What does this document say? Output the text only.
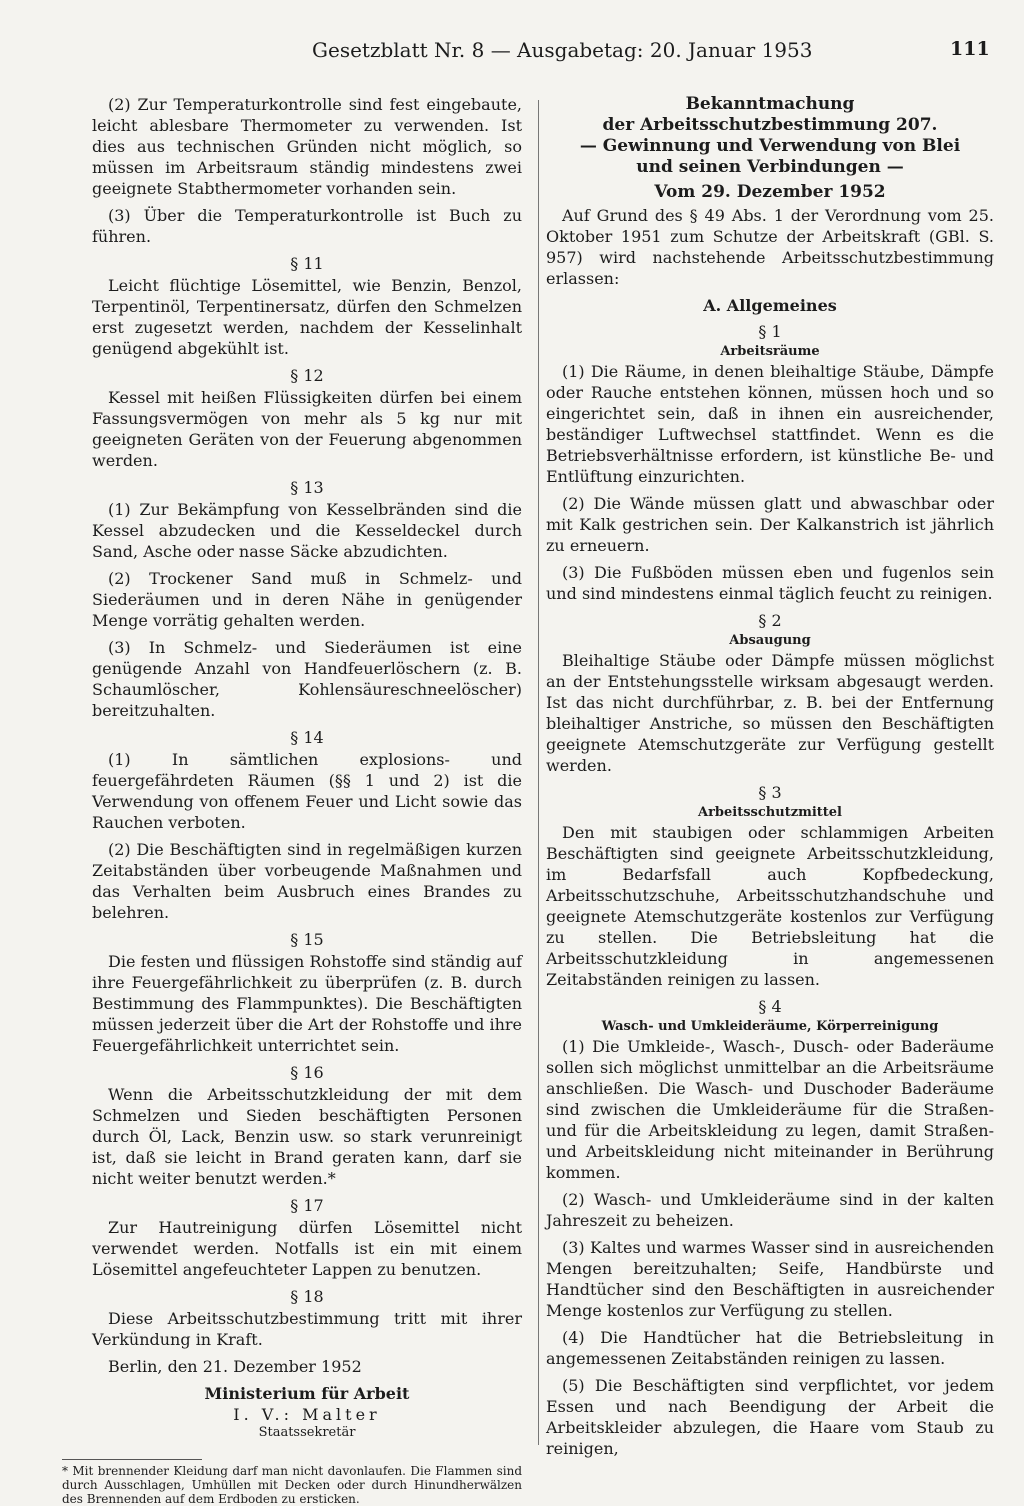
Gesetzblatt Nr. 8 — Ausgabetag: 20. Januar 1953	111

(2) Zur Temperaturkontrolle sind fest eingebaute, leicht ablesbare Thermometer zu verwenden. Ist dies aus technischen Gründen nicht möglich, so müssen im Arbeitsraum ständig mindestens zwei geeignete Stabthermometer vorhanden sein.

(3) Über die Temperaturkontrolle ist Buch zu führen.

§ 11

Leicht flüchtige Lösemittel, wie Benzin, Benzol, Terpentinöl, Terpentinersatz, dürfen den Schmelzen erst zugesetzt werden, nachdem der Kesselinhalt genügend abgekühlt ist.

§ 12

Kessel mit heißen Flüssigkeiten dürfen bei einem Fassungsvermögen von mehr als 5 kg nur mit geeigneten Geräten von der Feuerung abgenommen werden.

§ 13

(1) Zur Bekämpfung von Kesselbränden sind die Kessel abzudecken und die Kesseldeckel durch Sand, Asche oder nasse Säcke abzudichten.

(2) Trockener Sand muß in Schmelz- und Siederäumen und in deren Nähe in genügender Menge vorrätig gehalten werden.

(3) In Schmelz- und Siederäumen ist eine genügende Anzahl von Handfeuerlöschern (z. B. Schaumlöscher, Kohlensäureschneelöscher) bereitzuhalten.

§ 14

(1) In sämtlichen explosions- und feuergefährdeten Räumen (§§ 1 und 2) ist die Verwendung von offenem Feuer und Licht sowie das Rauchen verboten.

(2) Die Beschäftigten sind in regelmäßigen kurzen Zeitabständen über vorbeugende Maßnahmen und das Verhalten beim Ausbruch eines Brandes zu belehren.

§ 15

Die festen und flüssigen Rohstoffe sind ständig auf ihre Feuergefährlichkeit zu überprüfen (z. B. durch Bestimmung des Flammpunktes). Die Beschäftigten müssen jederzeit über die Art der Rohstoffe und ihre Feuergefährlichkeit unterrichtet sein.

§ 16

Wenn die Arbeitsschutzkleidung der mit dem Schmelzen und Sieden beschäftigten Personen durch Öl, Lack, Benzin usw. so stark verunreinigt ist, daß sie leicht in Brand geraten kann, darf sie nicht weiter benutzt werden.*

§ 17

Zur Hautreinigung dürfen Lösemittel nicht verwendet werden. Notfalls ist ein mit einem Lösemittel angefeuchteter Lappen zu benutzen.

§ 18

Diese Arbeitsschutzbestimmung tritt mit ihrer Verkündung in Kraft.

Berlin, den 21. Dezember 1952

Ministerium für Arbeit
I. V.: Malter
Staatssekretär
* Mit brennender Kleidung darf man nicht davonlaufen. Die Flammen sind durch Ausschlagen, Umhüllen mit Decken oder durch Hinundherwälzen des Brennenden auf dem Erdboden zu ersticken.
Bekanntmachung
der Arbeitsschutzbestimmung 207.
— Gewinnung und Verwendung von Blei
und seinen Verbindungen —
Vom 29. Dezember 1952

Auf Grund des § 49 Abs. 1 der Verordnung vom 25. Oktober 1951 zum Schutze der Arbeitskraft (GBl. S. 957) wird nachstehende Arbeitsschutzbestimmung erlassen:

A. Allgemeines
§ 1
Arbeitsräume

(1) Die Räume, in denen bleihaltige Stäube, Dämpfe oder Rauche entstehen können, müssen hoch und so eingerichtet sein, daß in ihnen ein ausreichender, beständiger Luftwechsel stattfindet. Wenn es die Betriebsverhältnisse erfordern, ist künstliche Be- und Entlüftung einzurichten.

(2) Die Wände müssen glatt und abwaschbar oder mit Kalk gestrichen sein. Der Kalkanstrich ist jährlich zu erneuern.

(3) Die Fußböden müssen eben und fugenlos sein und sind mindestens einmal täglich feucht zu reinigen.

§ 2
Absaugung

Bleihaltige Stäube oder Dämpfe müssen möglichst an der Entstehungsstelle wirksam abgesaugt werden. Ist das nicht durchführbar, z. B. bei der Entfernung bleihaltiger Anstriche, so müssen den Beschäftigten geeignete Atemschutzgeräte zur Verfügung gestellt werden.

§ 3
Arbeitsschutzmittel

Den mit staubigen oder schlammigen Arbeiten Beschäftigten sind geeignete Arbeitsschutzkleidung, im Bedarfsfall auch Kopfbedeckung, Arbeitsschutzschuhe, Arbeitsschutzhandschuhe und geeignete Atemschutzgeräte kostenlos zur Verfügung zu stellen. Die Betriebsleitung hat die Arbeitsschutzkleidung in angemessenen Zeitabständen reinigen zu lassen.

§ 4
Wasch- und Umkleideräume, Körperreinigung

(1) Die Umkleide-, Wasch-, Dusch- oder Baderäume sollen sich möglichst unmittelbar an die Arbeitsräume anschließen. Die Wasch- und Duschoder Baderäume sind zwischen die Umkleideräume für die Straßen- und für die Arbeitskleidung zu legen, damit Straßen- und Arbeitskleidung nicht miteinander in Berührung kommen.

(2) Wasch- und Umkleideräume sind in der kalten Jahreszeit zu beheizen.

(3) Kaltes und warmes Wasser sind in ausreichenden Mengen bereitzuhalten; Seife, Handbürste und Handtücher sind den Beschäftigten in ausreichender Menge kostenlos zur Verfügung zu stellen.

(4) Die Handtücher hat die Betriebsleitung in angemessenen Zeitabständen reinigen zu lassen.

(5) Die Beschäftigten sind verpflichtet, vor jedem Essen und nach Beendigung der Arbeit die Arbeitskleider abzulegen, die Haare vom Staub zu reinigen,
